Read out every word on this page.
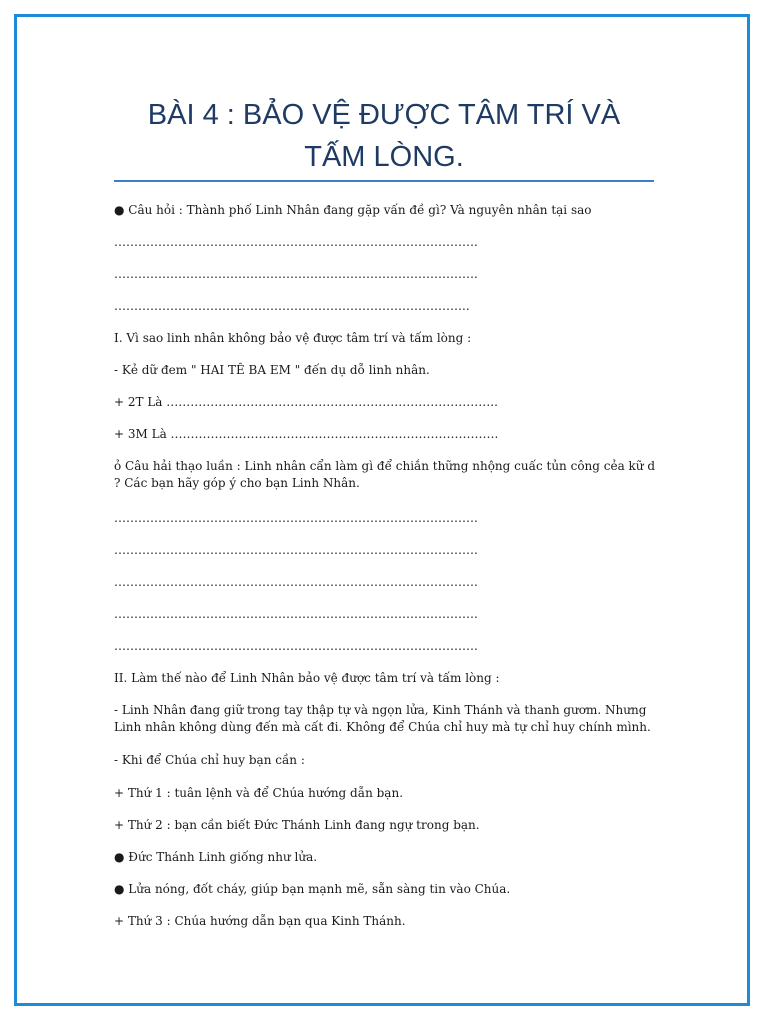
BÀI 4 : BẢO VỆ ĐƯỢC TÂM TRÍ VÀ TẤM LÒNG.
● Câu hỏi : Thành phố Linh Nhân đang gặp vấn đề gì? Và nguyên nhân tại sao
……………………………………………………………………………….
……………………………………………………………………………….
……………………………………………………………………………..
I. Vì sao linh nhân không bảo vệ được tâm trí và tấm lòng :
- Kẻ dữ đem " HAI TÊ BA EM " đến dụ dỗ linh nhân.
+ 2T Là ………………………………………………………………………..
+ 3M Là ……………………………………………………………………….
ỏ Câu hải thạo luần : Linh nhân cẩn làm gì để chiắn thững nhộng cuấc tủn công cẻa kữ d ? Các bạn hãy góp ý cho bạn Linh Nhân.
……………………………………………………………………………….
……………………………………………………………………………….
……………………………………………………………………………….
……………………………………………………………………………….
……………………………………………………………………………….
II. Làm thế nào để Linh Nhân bảo vệ được tâm trí và tấm lòng :
- Linh Nhân đang giữ trong tay thập tự và ngọn lửa, Kinh Thánh và thanh gươm. Nhưng Linh nhân không dùng đến mà cất đi. Không để Chúa chỉ huy mà tự chỉ huy chính mình.
- Khi để Chúa chỉ huy bạn cần :
+ Thứ 1 : tuân lệnh và để Chúa hướng dẫn bạn.
+ Thứ 2 : bạn cần biết Đức Thánh Linh đang ngự trong bạn.
● Đức Thánh Linh giống như lửa.
● Lửa nóng, đốt cháy, giúp bạn mạnh mẽ, sẵn sàng tin vào Chúa.
+ Thứ 3 : Chúa hướng dẫn bạn qua Kinh Thánh.
